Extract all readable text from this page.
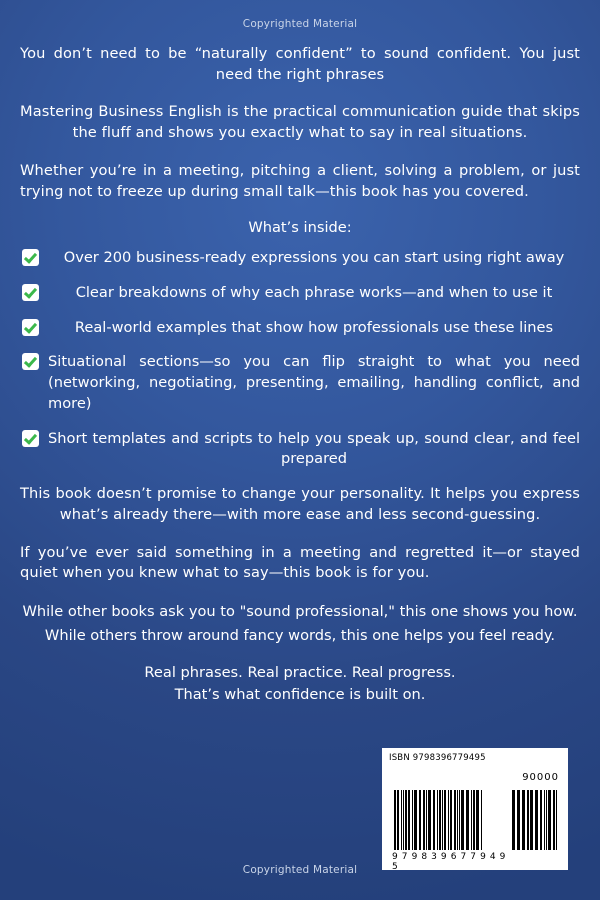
Copyrighted Material

You don’t need to be “naturally confident” to sound confident. You just need the right phrases

Mastering Business English is the practical communication guide that skips the fluff and shows you exactly what to say in real situations.

Whether you’re in a meeting, pitching a client, solving a problem, or just trying not to freeze up during small talk—this book has you covered.

What’s inside:
Over 200 business-ready expressions you can start using right away
Clear breakdowns of why each phrase works—and when to use it
Real-world examples that show how professionals use these lines
Situational sections—so you can flip straight to what you need (networking, negotiating, presenting, emailing, handling conflict, and more)
Short templates and scripts to help you speak up, sound clear, and feel prepared

This book doesn’t promise to change your personality. It helps you express what’s already there—with more ease and less second-guessing.

If you’ve ever said something in a meeting and regretted it—or stayed quiet when you knew what to say—this book is for you.

While other books ask you to "sound professional," this one shows you how.

While others throw around fancy words, this one helps you feel ready.

Real phrases. Real practice. Real progress.

That’s what confidence is built on.

ISBN 9798396779495
90000
9 7 9 8 3 9 6 7 7 9 4 9 5
Copyrighted Material
